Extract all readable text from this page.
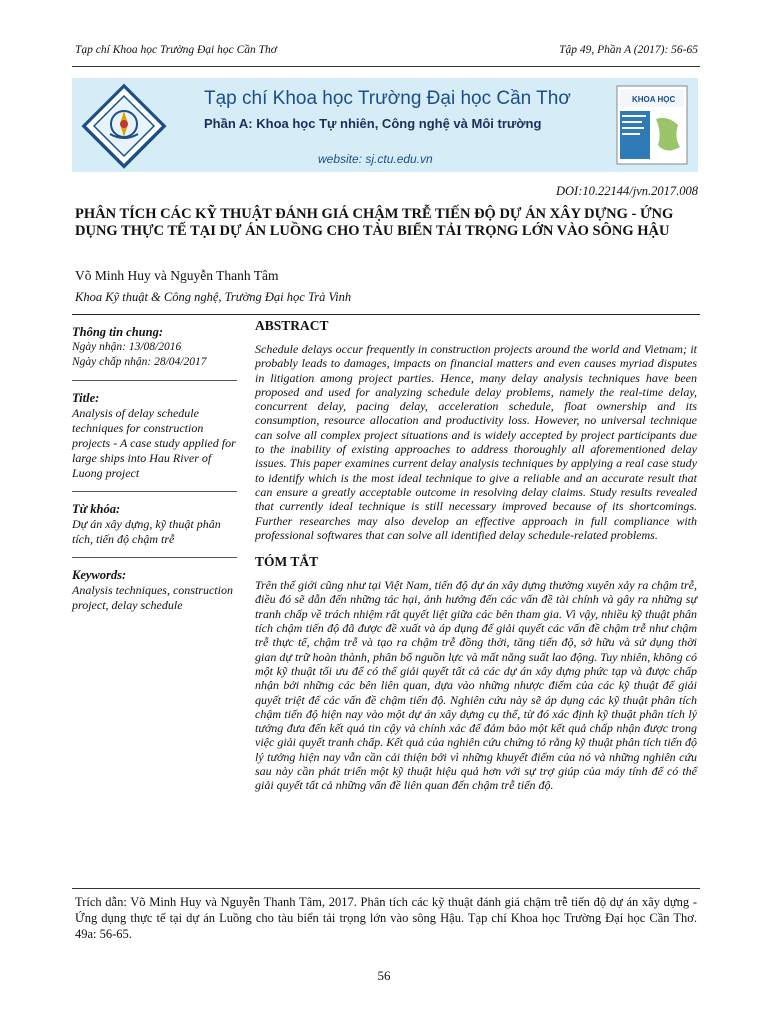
Tạp chí Khoa học Trường Đại học Cần Thơ	Tập 49, Phần A (2017): 56-65
KHOA HỌC
Tạp chí Khoa học Trường Đại học Cần Thơ
Phần A: Khoa học Tự nhiên, Công nghệ và Môi trường
website: sj.ctu.edu.vn
DOI:10.22144/jvn.2017.008
PHÂN TÍCH CÁC KỸ THUẬT ĐÁNH GIÁ CHẬM TRỄ TIẾN ĐỘ DỰ ÁN XÂY DỰNG - ỨNG DỤNG THỰC TẾ TẠI DỰ ÁN LUỒNG CHO TÀU BIỂN TẢI TRỌNG LỚN VÀO SÔNG HẬU
Võ Minh Huy và Nguyễn Thanh Tâm
Khoa Kỹ thuật & Công nghệ, Trường Đại học Trà Vinh
Thông tin chung:
Ngày nhận: 13/08/2016
Ngày chấp nhận: 28/04/2017
Title:
Analysis of delay schedule techniques for construction projects - A case study applied for large ships into Hau River of Luong project
Từ khóa:
Dự án xây dựng, kỹ thuật phân tích, tiến độ chậm trễ
Keywords:
Analysis techniques, construction project, delay schedule
ABSTRACT

Schedule delays occur frequently in construction projects around the world and Vietnam; it probably leads to damages, impacts on financial matters and even causes myriad disputes in litigation among project parties. Hence, many delay analysis techniques have been proposed and used for analyzing schedule delay problems, namely the real-time delay, concurrent delay, pacing delay, acceleration schedule, float ownership and its consumption, resource allocation and productivity loss. However, no universal technique can solve all complex project situations and is widely accepted by project participants due to the inability of existing approaches to address thoroughly all aforementioned delay issues. This paper examines current delay analysis techniques by applying a real case study to identify which is the most ideal technique to give a reliable and an accurate result that can ensure a greatly acceptable outcome in resolving delay claims. Study results revealed that currently ideal technique is still necessary improved because of its shortcomings. Further researches may also develop an effective approach in full compliance with professional softwares that can solve all identified delay schedule-related problems.

TÓM TẮT

Trên thế giới cũng như tại Việt Nam, tiến độ dự án xây dựng thường xuyên xảy ra chậm trễ, điều đó sẽ dẫn đến những tác hại, ảnh hưởng đến các vấn đề tài chính và gây ra những sự tranh chấp về trách nhiệm rất quyết liệt giữa các bên tham gia. Vì vậy, nhiều kỹ thuật phân tích chậm tiến độ đã được đề xuất và áp dụng để giải quyết các vấn đề chậm trễ như chậm trễ thực tế, chậm trễ và tạo ra chậm trễ đồng thời, tăng tiến độ, sở hữu và sử dụng thời gian dự trữ hoàn thành, phân bổ nguồn lực và mất năng suất lao động. Tuy nhiên, không có một kỹ thuật tối ưu để có thể giải quyết tất cả các dự án xây dựng phức tạp và được chấp nhận bởi những các bên liên quan, dựa vào những nhược điểm của các kỹ thuật để giải quyết triệt để các vấn đề chậm tiến độ. Nghiên cứu này sẽ áp dụng các kỹ thuật phân tích chậm tiến độ hiện nay vào một dự án xây dựng cụ thể, từ đó xác định kỹ thuật phân tích lý tưởng đưa đến kết quả tin cậy và chính xác để đảm bảo một kết quả chấp nhận được trong việc giải quyết tranh chấp. Kết quả của nghiên cứu chứng tỏ rằng kỹ thuật phân tích tiến độ lý tưởng hiện nay vẫn cần cải thiện bởi vì những khuyết điểm của nó và những nghiên cứu sau này cần phát triển một kỹ thuật hiệu quả hơn với sự trợ giúp của máy tính để có thể giải quyết tất cả những vấn đề liên quan đến chậm trễ tiến độ.

Trích dẫn: Võ Minh Huy và Nguyễn Thanh Tâm, 2017. Phân tích các kỹ thuật đánh giá chậm trễ tiến độ dự án xây dựng - Ứng dụng thực tế tại dự án Luồng cho tàu biển tải trọng lớn vào sông Hậu. Tạp chí Khoa học Trường Đại học Cần Thơ. 49a: 56-65.
56
